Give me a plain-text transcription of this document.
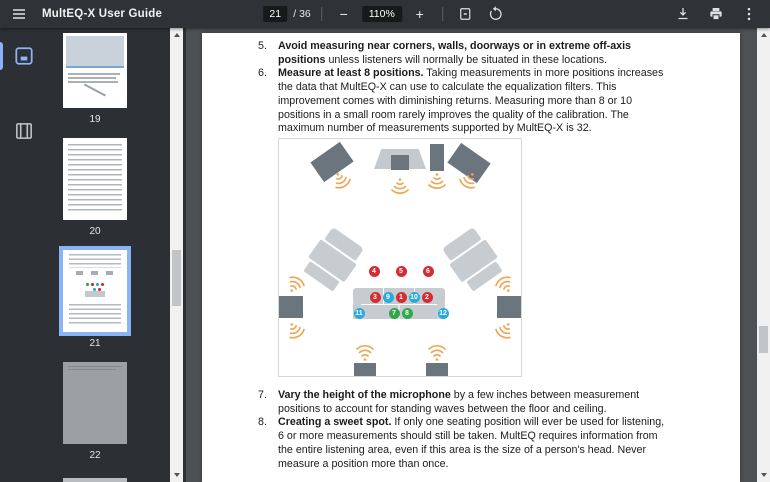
MultEQ-X User Guide
21	/ 36 −	110%	+
19
20
21
22
5.	Avoid measuring near corners, walls, doorways or in extreme off-axis positions unless listeners will normally be situated in these locations.

6.	Measure at least 8 positions. Taking measurements in more positions increases the data that MultEQ-X can use to calculate the equalization filters. This improvement comes with diminishing returns. Measuring more than 8 or 10 positions in a small room rarely improves the quality of the calibration. The maximum number of measurements supported by MultEQ-X is 32.

4	5	6
3	9	1	10	2
11	7	8	12
7.	Vary the height of the microphone by a few inches between measurement positions to account for standing waves between the floor and ceiling.

8.	Creating a sweet spot. If only one seating position will ever be used for listening, 6 or more measurements should still be taken. MultEQ requires information from the entire listening area, even if this area is the size of a person's head. Never measure a position more than once.
